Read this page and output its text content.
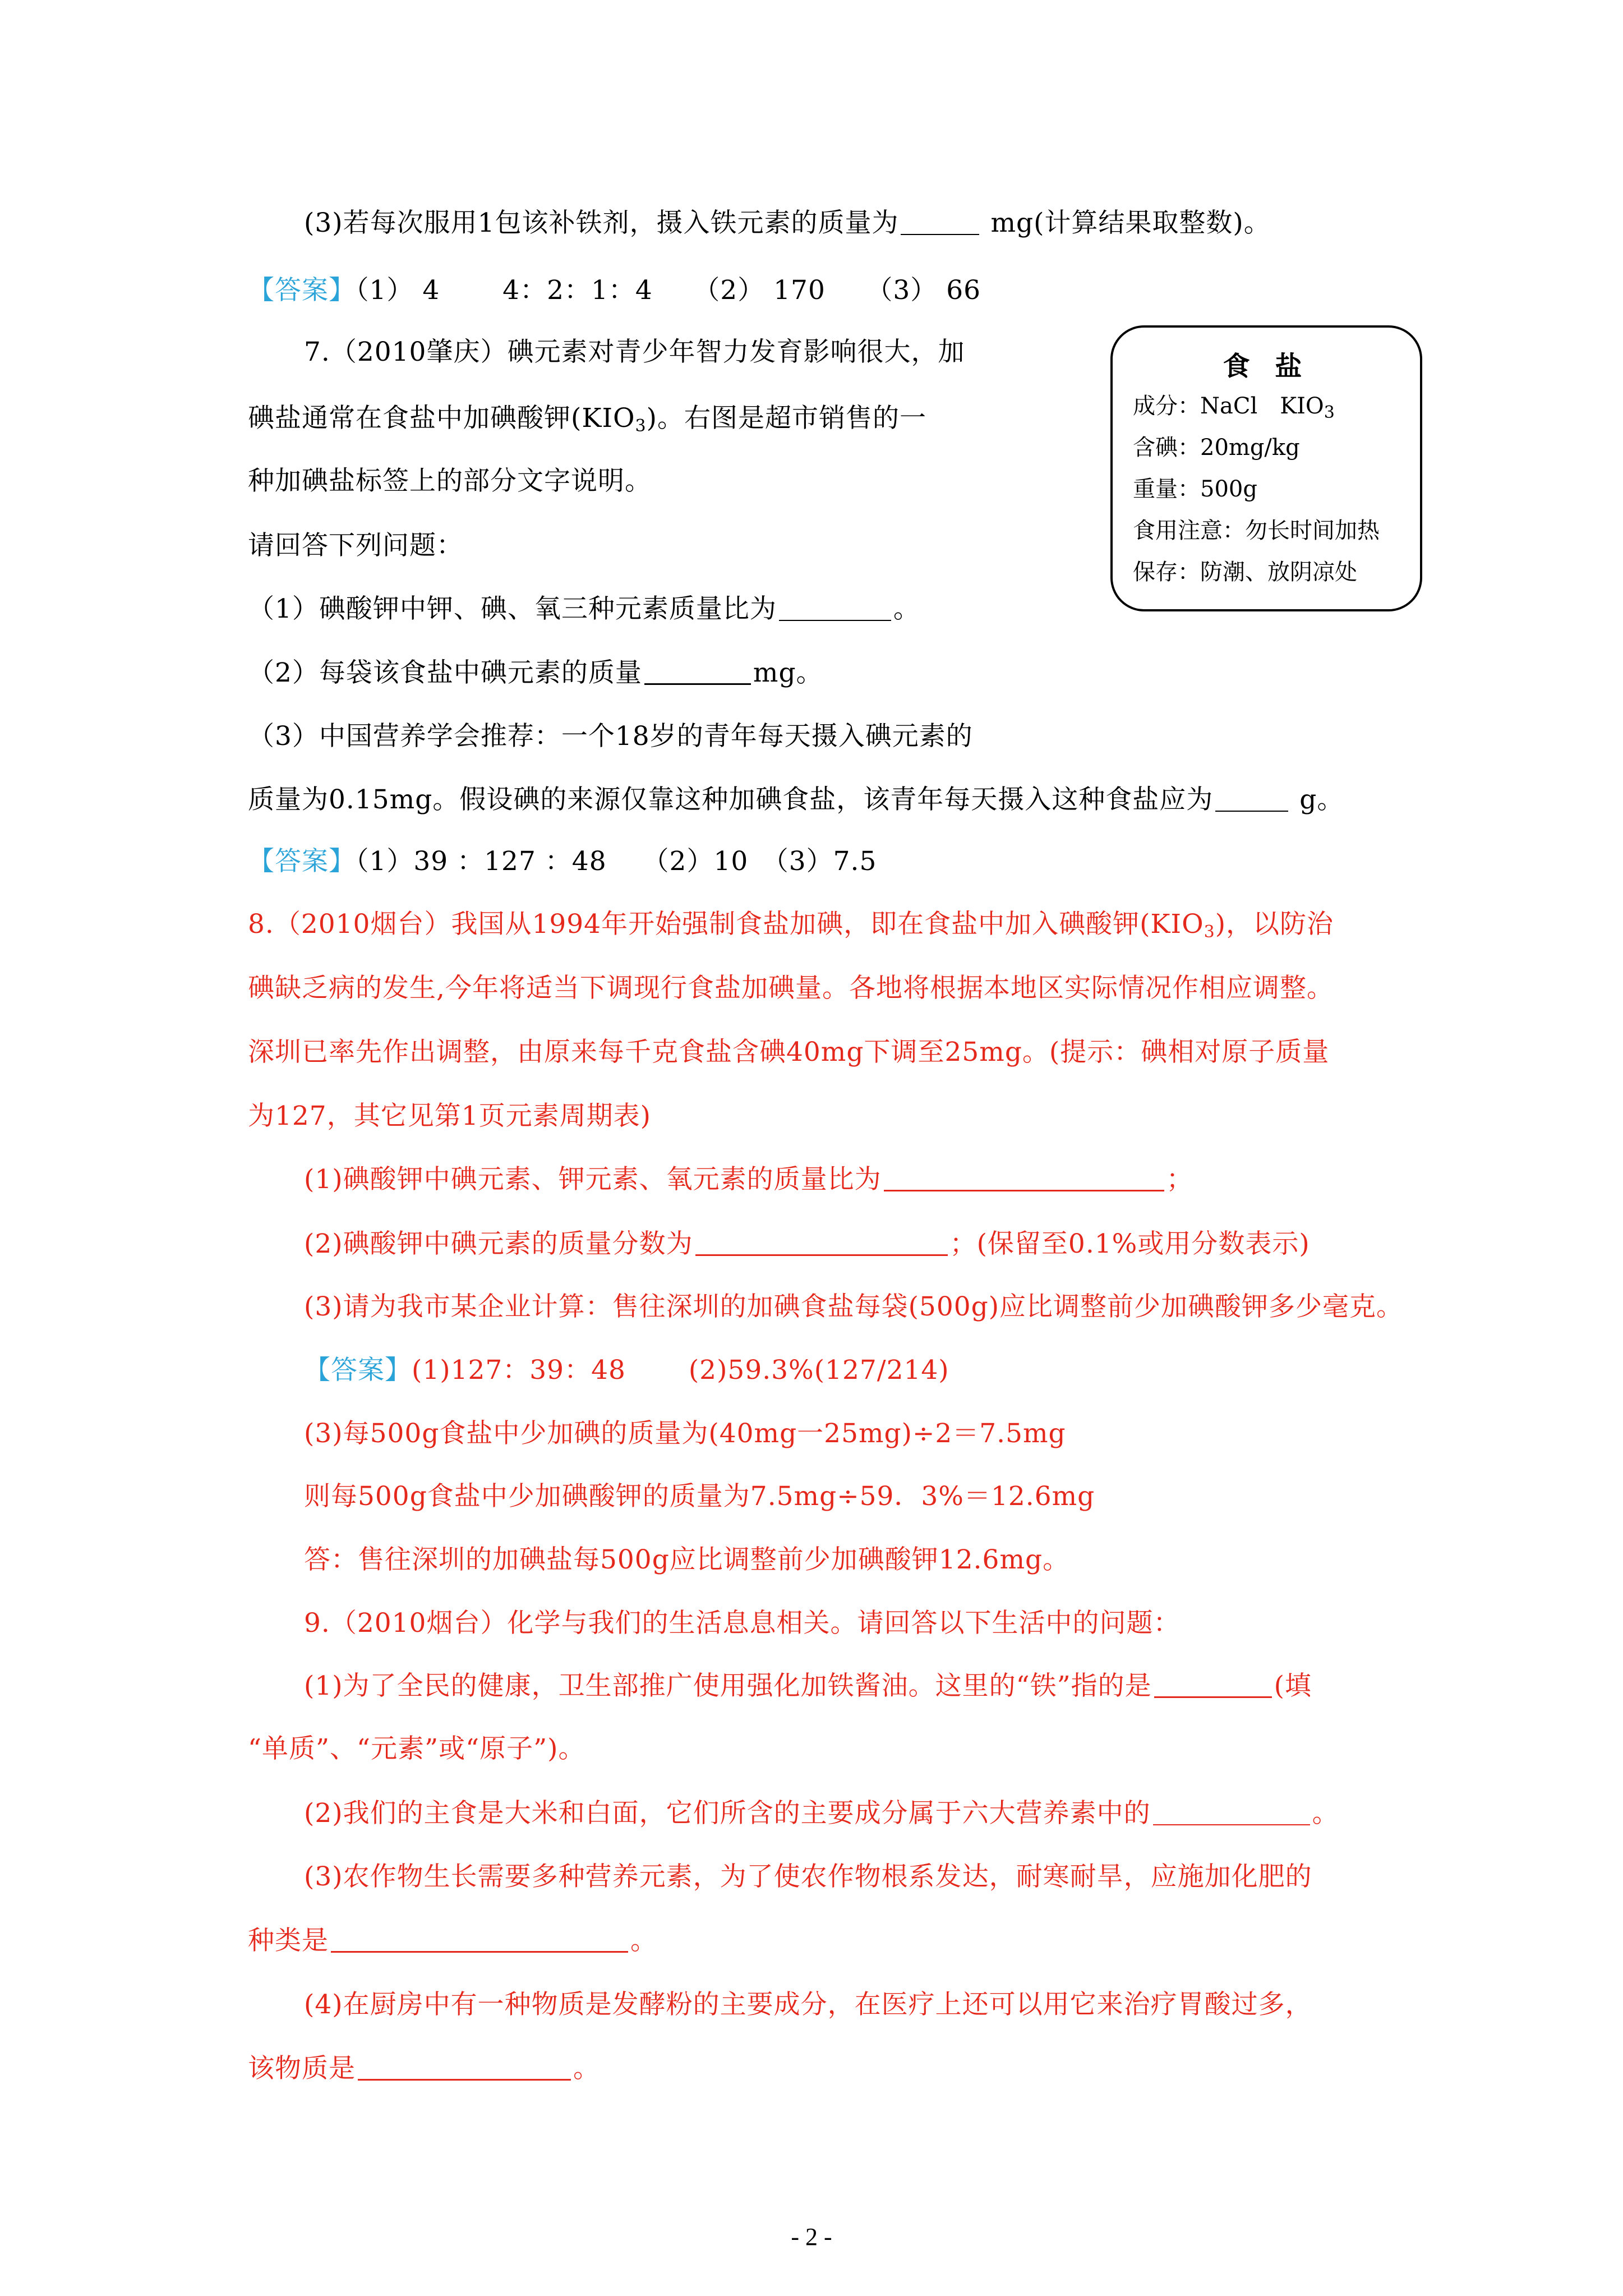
(3)若每次服用1包该补铁剂，摄入铁元素的质量为	mg(计算结果取整数)。

【答案】（1） 4　　 4：2：1：4　　（2） 170　　（3） 66

7.（2010肇庆）碘元素对青少年智力发育影响很大，加

碘盐通常在食盐中加碘酸钾$(KIO_3)$。右图是超市销售的一

种加碘盐标签上的部分文字说明。

请回答下列问题：

（1）碘酸钾中钾、碘、氧三种元素质量比为	。

（2）每袋该食盐中碘元素的质量	mg。

（3）中国营养学会推荐：一个18岁的青年每天摄入碘元素的

质量为0.15mg。假设碘的来源仅靠这种加碘食盐，该青年每天摄入这种食盐应为	g。

【答案】（1）39 ：127 ：48　 （2）10　（3）7.5

食 盐
成分：NaCl　$KIO_3$
含碘：20mg/kg
重量：500g
食用注意：勿长时间加热
保存：防潮、放阴凉处

8.（2010烟台）我国从1994年开始强制食盐加碘，即在食盐中加入碘酸钾$(KIO_3)$，以防治

碘缺乏病的发生,今年将适当下调现行食盐加碘量。各地将根据本地区实际情况作相应调整。

深圳已率先作出调整，由原来每千克食盐含碘40mg下调至25mg。(提示：碘相对原子质量

为127，其它见第1页元素周期表)

(1)碘酸钾中碘元素、钾元素、氧元素的质量比为	；

(2)碘酸钾中碘元素的质量分数为	；(保留至0.1%或用分数表示)

(3)请为我市某企业计算：售往深圳的加碘食盐每袋(500g)应比调整前少加碘酸钾多少毫克。

【答案】(1)127：39：48　　 (2)59.3%(127/214)

(3)每500g食盐中少加碘的质量为(40mg一25mg)÷2＝7.5mg

则每500g食盐中少加碘酸钾的质量为7.5mg÷59．3%＝12.6mg

答：售往深圳的加碘盐每500g应比调整前少加碘酸钾12.6mg。

9.（2010烟台）化学与我们的生活息息相关。请回答以下生活中的问题：

(1)为了全民的健康，卫生部推广使用强化加铁酱油。这里的“铁”指的是	(填

“单质”、“元素”或“原子”)。

(2)我们的主食是大米和白面，它们所含的主要成分属于六大营养素中的	。

(3)农作物生长需要多种营养元素，为了使农作物根系发达，耐寒耐旱，应施加化肥的

种类是	。

(4)在厨房中有一种物质是发酵粉的主要成分，在医疗上还可以用它来治疗胃酸过多，

该物质是	。

- 2 -
